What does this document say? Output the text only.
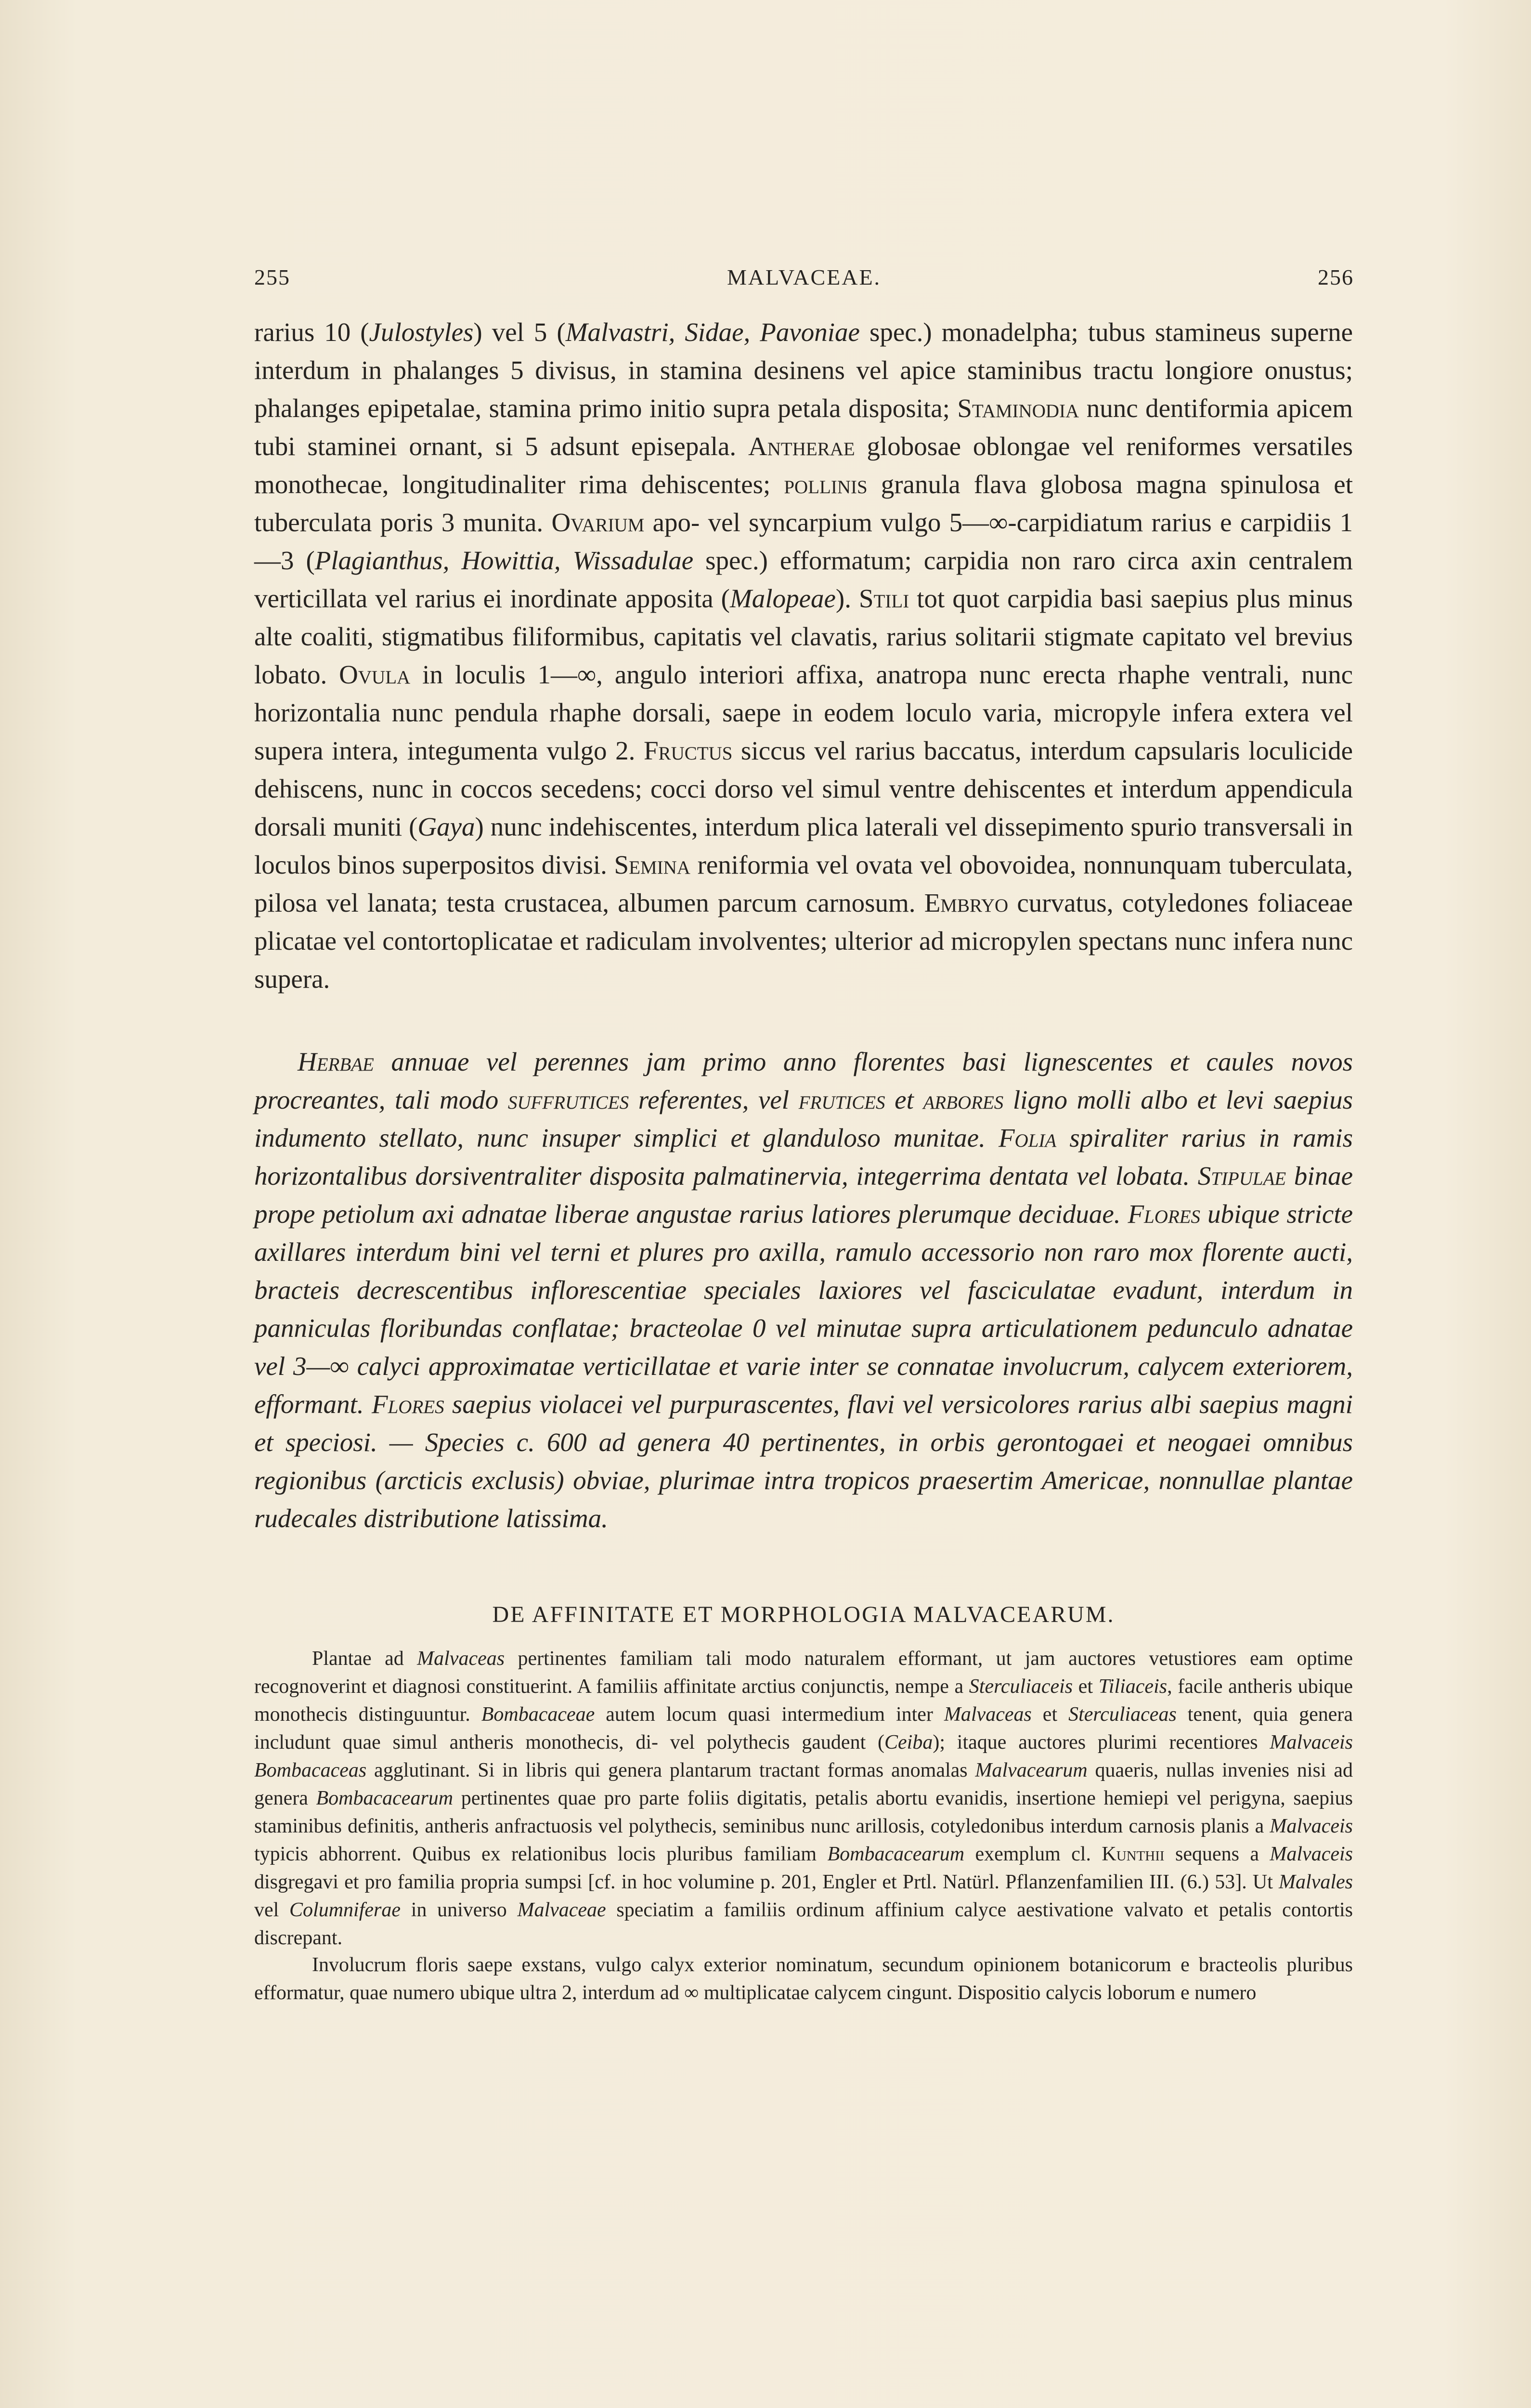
255	MALVACEAE.	256

rarius 10 (Julostyles) vel 5 (Malvastri, Sidae, Pavoniae spec.) monadelpha; tubus stamineus superne interdum in phalanges 5 divisus, in stamina desinens vel apice staminibus tractu longiore onustus; phalanges epipetalae, stamina primo initio supra petala disposita; Staminodia nunc dentiformia apicem tubi staminei ornant, si 5 adsunt episepala. Antherae globosae oblongae vel reniformes versatiles monothecae, longitudinaliter rima dehiscentes; pollinis granula flava globosa magna spinulosa et tuberculata poris 3 munita. Ovarium apo- vel syncarpium vulgo 5—∞-carpidiatum rarius e carpidiis 1—3 (Plagianthus, Howittia, Wissadulae spec.) efformatum; carpidia non raro circa axin centralem verticillata vel rarius ei inordinate apposita (Malopeae). Stili tot quot carpidia basi saepius plus minus alte coaliti, stigmatibus filiformibus, capitatis vel clavatis, rarius solitarii stigmate capitato vel brevius lobato. Ovula in loculis 1—∞, angulo interiori affixa, anatropa nunc erecta rhaphe ventrali, nunc horizontalia nunc pendula rhaphe dorsali, saepe in eodem loculo varia, micropyle infera extera vel supera intera, integumenta vulgo 2. Fructus siccus vel rarius baccatus, interdum capsularis loculicide dehiscens, nunc in coccos secedens; cocci dorso vel simul ventre dehiscentes et interdum appendicula dorsali muniti (Gaya) nunc indehiscentes, interdum plica laterali vel dissepimento spurio transversali in loculos binos superpositos divisi. Semina reniformia vel ovata vel obovoidea, nonnunquam tuberculata, pilosa vel lanata; testa crustacea, albumen parcum carnosum. Embryo curvatus, cotyledones foliaceae plicatae vel contortoplicatae et radiculam involventes; ulterior ad micropylen spectans nunc infera nunc supera.

Herbae annuae vel perennes jam primo anno florentes basi lignescentes et caules novos procreantes, tali modo suffrutices referentes, vel frutices et arbores ligno molli albo et levi saepius indumento stellato, nunc insuper simplici et glanduloso munitae. Folia spiraliter rarius in ramis horizontalibus dorsiventraliter disposita palmatinervia, integerrima dentata vel lobata. Stipulae binae prope petiolum axi adnatae liberae angustae rarius latiores plerumque deciduae. Flores ubique stricte axillares interdum bini vel terni et plures pro axilla, ramulo accessorio non raro mox florente aucti, bracteis decrescentibus inflorescentiae speciales laxiores vel fasciculatae evadunt, interdum in panniculas floribundas conflatae; bracteolae 0 vel minutae supra articulationem pedunculo adnatae vel 3—∞ calyci approximatae verticillatae et varie inter se connatae involucrum, calycem exteriorem, efformant. Flores saepius violacei vel purpurascentes, flavi vel versicolores rarius albi saepius magni et speciosi. — Species c. 600 ad genera 40 pertinentes, in orbis gerontogaei et neogaei omnibus regionibus (arcticis exclusis) obviae, plurimae intra tropicos praesertim Americae, nonnullae plantae rudecales distributione latissima.

DE AFFINITATE ET MORPHOLOGIA MALVACEARUM.

Plantae ad Malvaceas pertinentes familiam tali modo naturalem efformant, ut jam auctores vetustiores eam optime recognoverint et diagnosi constituerint. A familiis affinitate arctius conjunctis, nempe a Sterculiaceis et Tiliaceis, facile antheris ubique monothecis distinguuntur. Bombacaceae autem locum quasi intermedium inter Malvaceas et Sterculiaceas tenent, quia genera includunt quae simul antheris monothecis, di- vel polythecis gaudent (Ceiba); itaque auctores plurimi recentiores Malvaceis Bombacaceas agglutinant. Si in libris qui genera plantarum tractant formas anomalas Malvacearum quaeris, nullas invenies nisi ad genera Bombacacearum pertinentes quae pro parte foliis digitatis, petalis abortu evanidis, insertione hemiepi vel perigyna, saepius staminibus definitis, antheris anfractuosis vel polythecis, seminibus nunc arillosis, cotyledonibus interdum carnosis planis a Malvaceis typicis abhorrent. Quibus ex relationibus locis pluribus familiam Bombacacearum exemplum cl. Kunthii sequens a Malvaceis disgregavi et pro familia propria sumpsi [cf. in hoc volumine p. 201, Engler et Prtl. Natürl. Pflanzenfamilien III. (6.) 53]. Ut Malvales vel Columniferae in universo Malvaceae speciatim a familiis ordinum affinium calyce aestivatione valvato et petalis contortis discrepant.

Involucrum floris saepe exstans, vulgo calyx exterior nominatum, secundum opinionem botanicorum e bracteolis pluribus efformatur, quae numero ubique ultra 2, interdum ad ∞ multiplicatae calycem cingunt. Dispositio calycis loborum e numero
